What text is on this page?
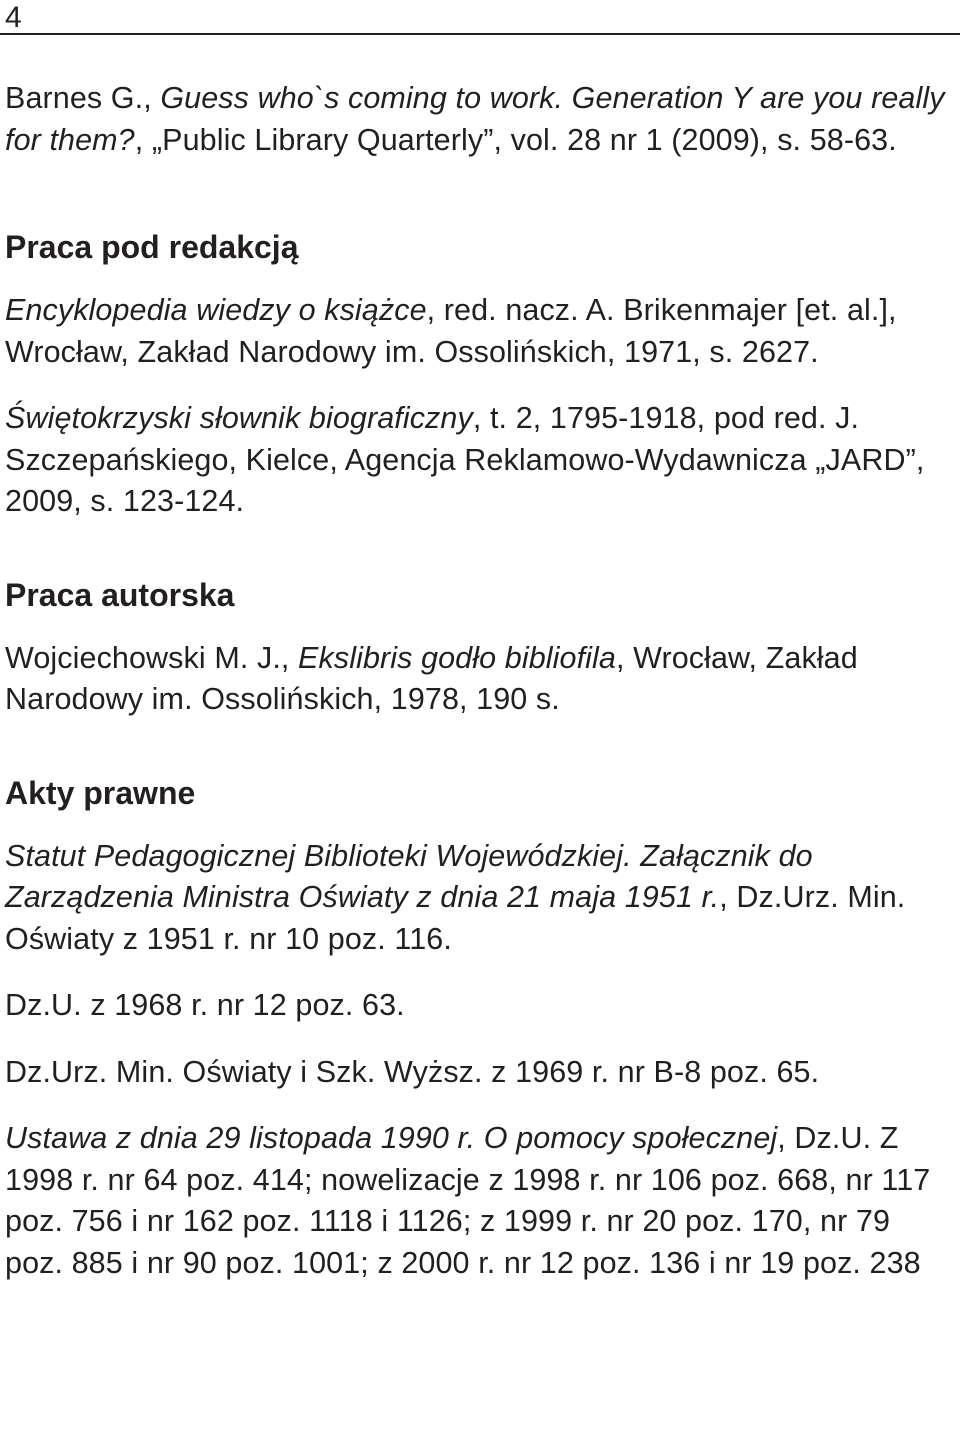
4

Barnes G., Guess who`s coming to work. Generation Y are you really for them?, „Public Library Quarterly”, vol. 28 nr 1 (2009), s. 58-63.

Praca pod redakcją

Encyklopedia wiedzy o książce, red. nacz. A. Brikenmajer [et. al.], Wrocław, Zakład Narodowy im. Ossolińskich, 1971, s. 2627.

Świętokrzyski słownik biograficzny, t. 2, 1795-1918, pod red. J. Szczepańskiego, Kielce, Agencja Reklamowo-Wydawnicza „JARD”, 2009, s. 123-124.

Praca autorska

Wojciechowski M. J., Ekslibris godło bibliofila, Wrocław, Zakład Narodowy im. Ossolińskich, 1978, 190 s.

Akty prawne

Statut Pedagogicznej Biblioteki Wojewódzkiej. Załącznik do Zarządzenia Ministra Oświaty z dnia 21 maja 1951 r., Dz.Urz. Min. Oświaty z 1951 r. nr 10 poz. 116.

Dz.U. z 1968 r. nr 12 poz. 63.

Dz.Urz. Min. Oświaty i Szk. Wyższ. z 1969 r. nr B-8 poz. 65.

Ustawa z dnia 29 listopada 1990 r. O pomocy społecznej, Dz.U. Z 1998 r. nr 64 poz. 414; nowelizacje z 1998 r. nr 106 poz. 668, nr 117 poz. 756 i nr 162 poz. 1118 i 1126; z 1999 r. nr 20 poz. 170, nr 79 poz. 885 i nr 90 poz. 1001; z 2000 r. nr 12 poz. 136 i nr 19 poz. 238
